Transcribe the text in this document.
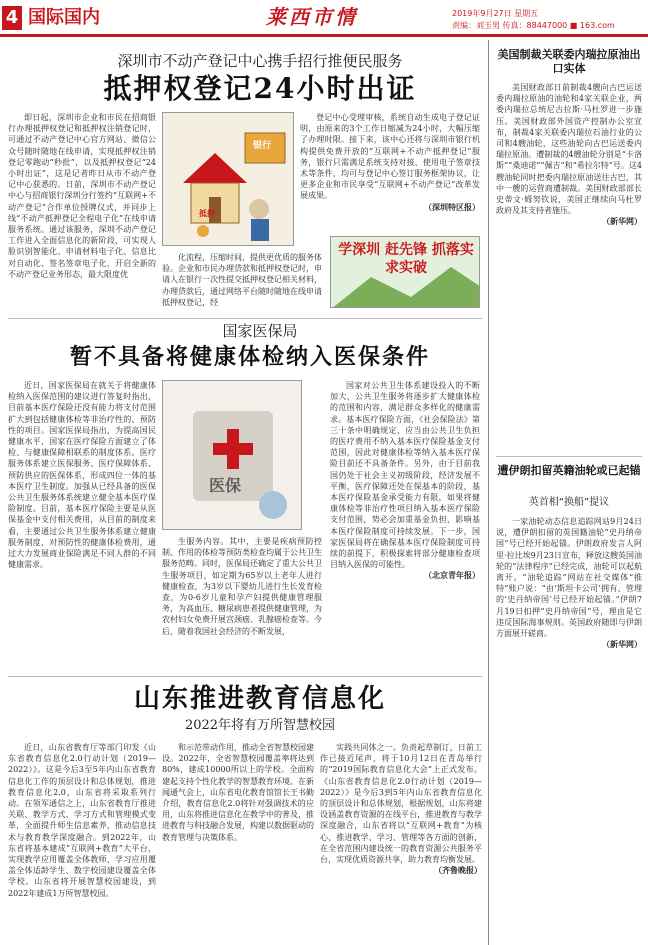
4 国际国内	莱西市情	2019年9月27日 星期五
责编：刘玉男 传真：88447000 ■ 163.com
深圳市不动产登记中心携手招行推便民服务
抵押权登记24小时出证

即日起，深圳市企业和市民在招商银行办理抵押权登记和抵押权注销登记时，可通过不动产登记中心官方网站、微信公众号随时随地在线申请，实现抵押权注销登记零跑动“秒批”，以及抵押权登记“24小时出证”，这是记者昨日从市不动产登记中心获悉的。日前，深圳市不动产登记中心与招商银行深圳分行签约“互联网+不动产登记”合作单位授牌仪式，并同步上线“不动产抵押登记全程电子化”在线申请服务系统。通过该服务，深圳不动产登记工作进入全面信息化的新阶段，可实现人脸识别智能化、申请材料电子化、信息比对自动化、签名签章电子化，开启全新的不动产登记业务形态，最大限度优

银行
抵押

化流程，压缩时间，提供更优质的服务体验。企业和市民办理贷款和抵押权登记时，申请人在银行一次性提交抵押权登记相关材料，办理贷款后，通过网络平台随时随地在线申请抵押权登记，经

登记中心受理审核，系统自动生成电子登记证明，由原来的3个工作日缩减为24小时，大幅压缩了办理时限。接下来，该中心还将与深圳市银行机构提供免费开放的“互联网+不动产抵押登记”服务，银行只需满足系统支持对接、使用电子签章技术等条件，均可与登记中心签订服务框架协议，让更多企业和市民享受“互联网+不动产登记”改革发展成果。

（深圳特区报）
学深圳 赶先锋 抓落实 求实破
国家医保局
暂不具备将健康体检纳入医保条件

近日，国家医保局在就关于将健康体检纳入医保范围的建议进行答复时指出，目前基本医疗保险还没有能力将支付范围扩大到包括健康体检等非治疗性的、预防性的项目。国家医保局指出，为提高国民健康水平，国家在医疗保险方面建立了体检、与健康保障相联系的制度体系。医疗服务体系建立医保服务、医疗保障体系、预防供应的医保体系，形成四位一体的基本医疗卫生制度。加强从已经具备的医保公共卫生服务体系统建立健全基本医疗保险制度。目前，基本医疗保险主要是从医保基金中支付相关费用，从目前的制度来看，主要通过公共卫生服务体系建立健康服务制度，对预防性的健康体检费用，通过大力发展商业保险满足不同人群的不同健康需求。

医保

生服务内容。其中，主要是疾病预防控制、作用的体检等预防类检查均属于公共卫生服务范畴。同时，医保局还确定了重大公共卫生服务项目，如定期为65岁以上老年人进行健康检查，为3岁以下婴幼儿进行生长发育检查，为0-6岁儿童和孕产妇提供健康管理服务，为高血压、糖尿病患者提供健康管理，为农村妇女免费开展宫颈癌、乳腺癌检查等。今后，随着我国社会经济的不断发展，

国家对公共卫生体系建设投入的不断加大，公共卫生服务将逐步扩大健康体检的范围和内容，满足群众多样化的健康需求。基本医疗保险方面，《社会保险法》第三十条中明确规定，应当由公共卫生负担的医疗费用不纳入基本医疗保险基金支付范围，因此对健康体检等纳入基本医疗保险目前还不具备条件。另外，由于目前我国仍处于社会主义初级阶段，经济发展不平衡，医疗保障还处在保基本的阶段，基本医疗保险基金承受能力有限，如果将健康体检等非治疗性项目纳入基本医疗保险支付范围，势必会加重基金负担，影响基本医疗保险制度可持续发展。下一步，国家医保局将在确保基本医疗保险制度可持续的前提下，积极探索将部分健康检查项目纳入医保的可能性。

（北京青年报）
山东推进教育信息化
2022年将有万所智慧校园

近日，山东省教育厅等部门印发《山东省教育信息化2.0行动计划（2019—2022）》。这是今后3至5年内山东省教育信息化工作的顶层设计和总体规划，推进教育信息化2.0，山东省将采取系列行动。在领军通信之上，山东省教育厅推进关联、教学方式、学习方式和管理模式变革，全面提升师生信息素养，推动信息技术与教育教学深度融合。到2022年，山东省将基本建成“互联网+教育”大平台，实现教学应用覆盖全体教师、学习应用覆盖全体适龄学生、数字校园建设覆盖全体学校。山东省将开展智慧校园建设，到2022年建成1万所智慧校园。

和示范带动作用，推动全省智慧校园建设。2022年，全省智慧校园覆盖率将达到80%，建成10000所以上的学校。全面构建起支持个性化教学的智慧教育环境。在新闻通气会上，山东省电化教育馆馆长王书勤介绍，教育信息化2.0将针对强调技术的应用，山东将推进信息化在教学中的普及，推进教育与科技融合发展，构建以数据驱动的教育管理与决策体系。

实践共同体之一。负责起草制订，日前工作已接近尾声，将于10月12日在青岛举行的“2019国际教育信息化大会”上正式发布。《山东省教育信息化2.0行动计划（2019—2022）》是今后3到5年内山东省教育信息化的顶层设计和总体规划，根据规划，山东将建设涵盖教育资源的在线平台，推进教育与教学深度融合，山东省将以“互联网+教育”为核心，推进教学、学习、管理等各方面的创新，在全省范围内建设统一的教育资源公共服务平台，实现优质资源共享，助力教育均衡发展。

（齐鲁晚报）
美国制裁关联委内瑞拉原油出口实体

美国财政部日前制裁4艘向古巴运送委内瑞拉原油的油轮和4家关联企业，两委内瑞拉总统尼古拉斯·马杜罗进一步施压。美国财政部外国资产控制办公室宣布，制裁4家关联委内瑞拉石油行业的公司和4艘油轮，这些油轮向古巴运送委内瑞拉原油。遭制裁的4艘油轮分别是“卡洛斯”“桑迪诺”“佩吉”和“希拉尔特”号。这4艘油轮同时把委内瑞拉原油送往古巴，其中一艘的运营商遭制裁。美国财政部部长史蒂文·姆努钦说，美国正继续向马杜罗政府及其支持者施压。

（新华网）
遭伊朗扣留英籍油轮或已起锚
英首相“换船”提议

一家油轮动态信息追踪网站9月24日说，遭伊朗扣留的英国籍油轮“史丹纳帝国”号已经开始起锚。伊朗政府发言人阿里·拉比埃9月23日宣布，释放这艘英国油轮的“法律程序”已经完成，油轮可以起航离开。“油轮追踪”网站在社交媒体“推特”账户说：“由‘斯坦卡公司’拥有、管理的‘史丹纳帝国’号已经开始起锚。”伊朗7月19日扣押“史丹纳帝国”号，理由是它违反国际海事规则。英国政府随即与伊朗方面展开磋商。

（新华网）
